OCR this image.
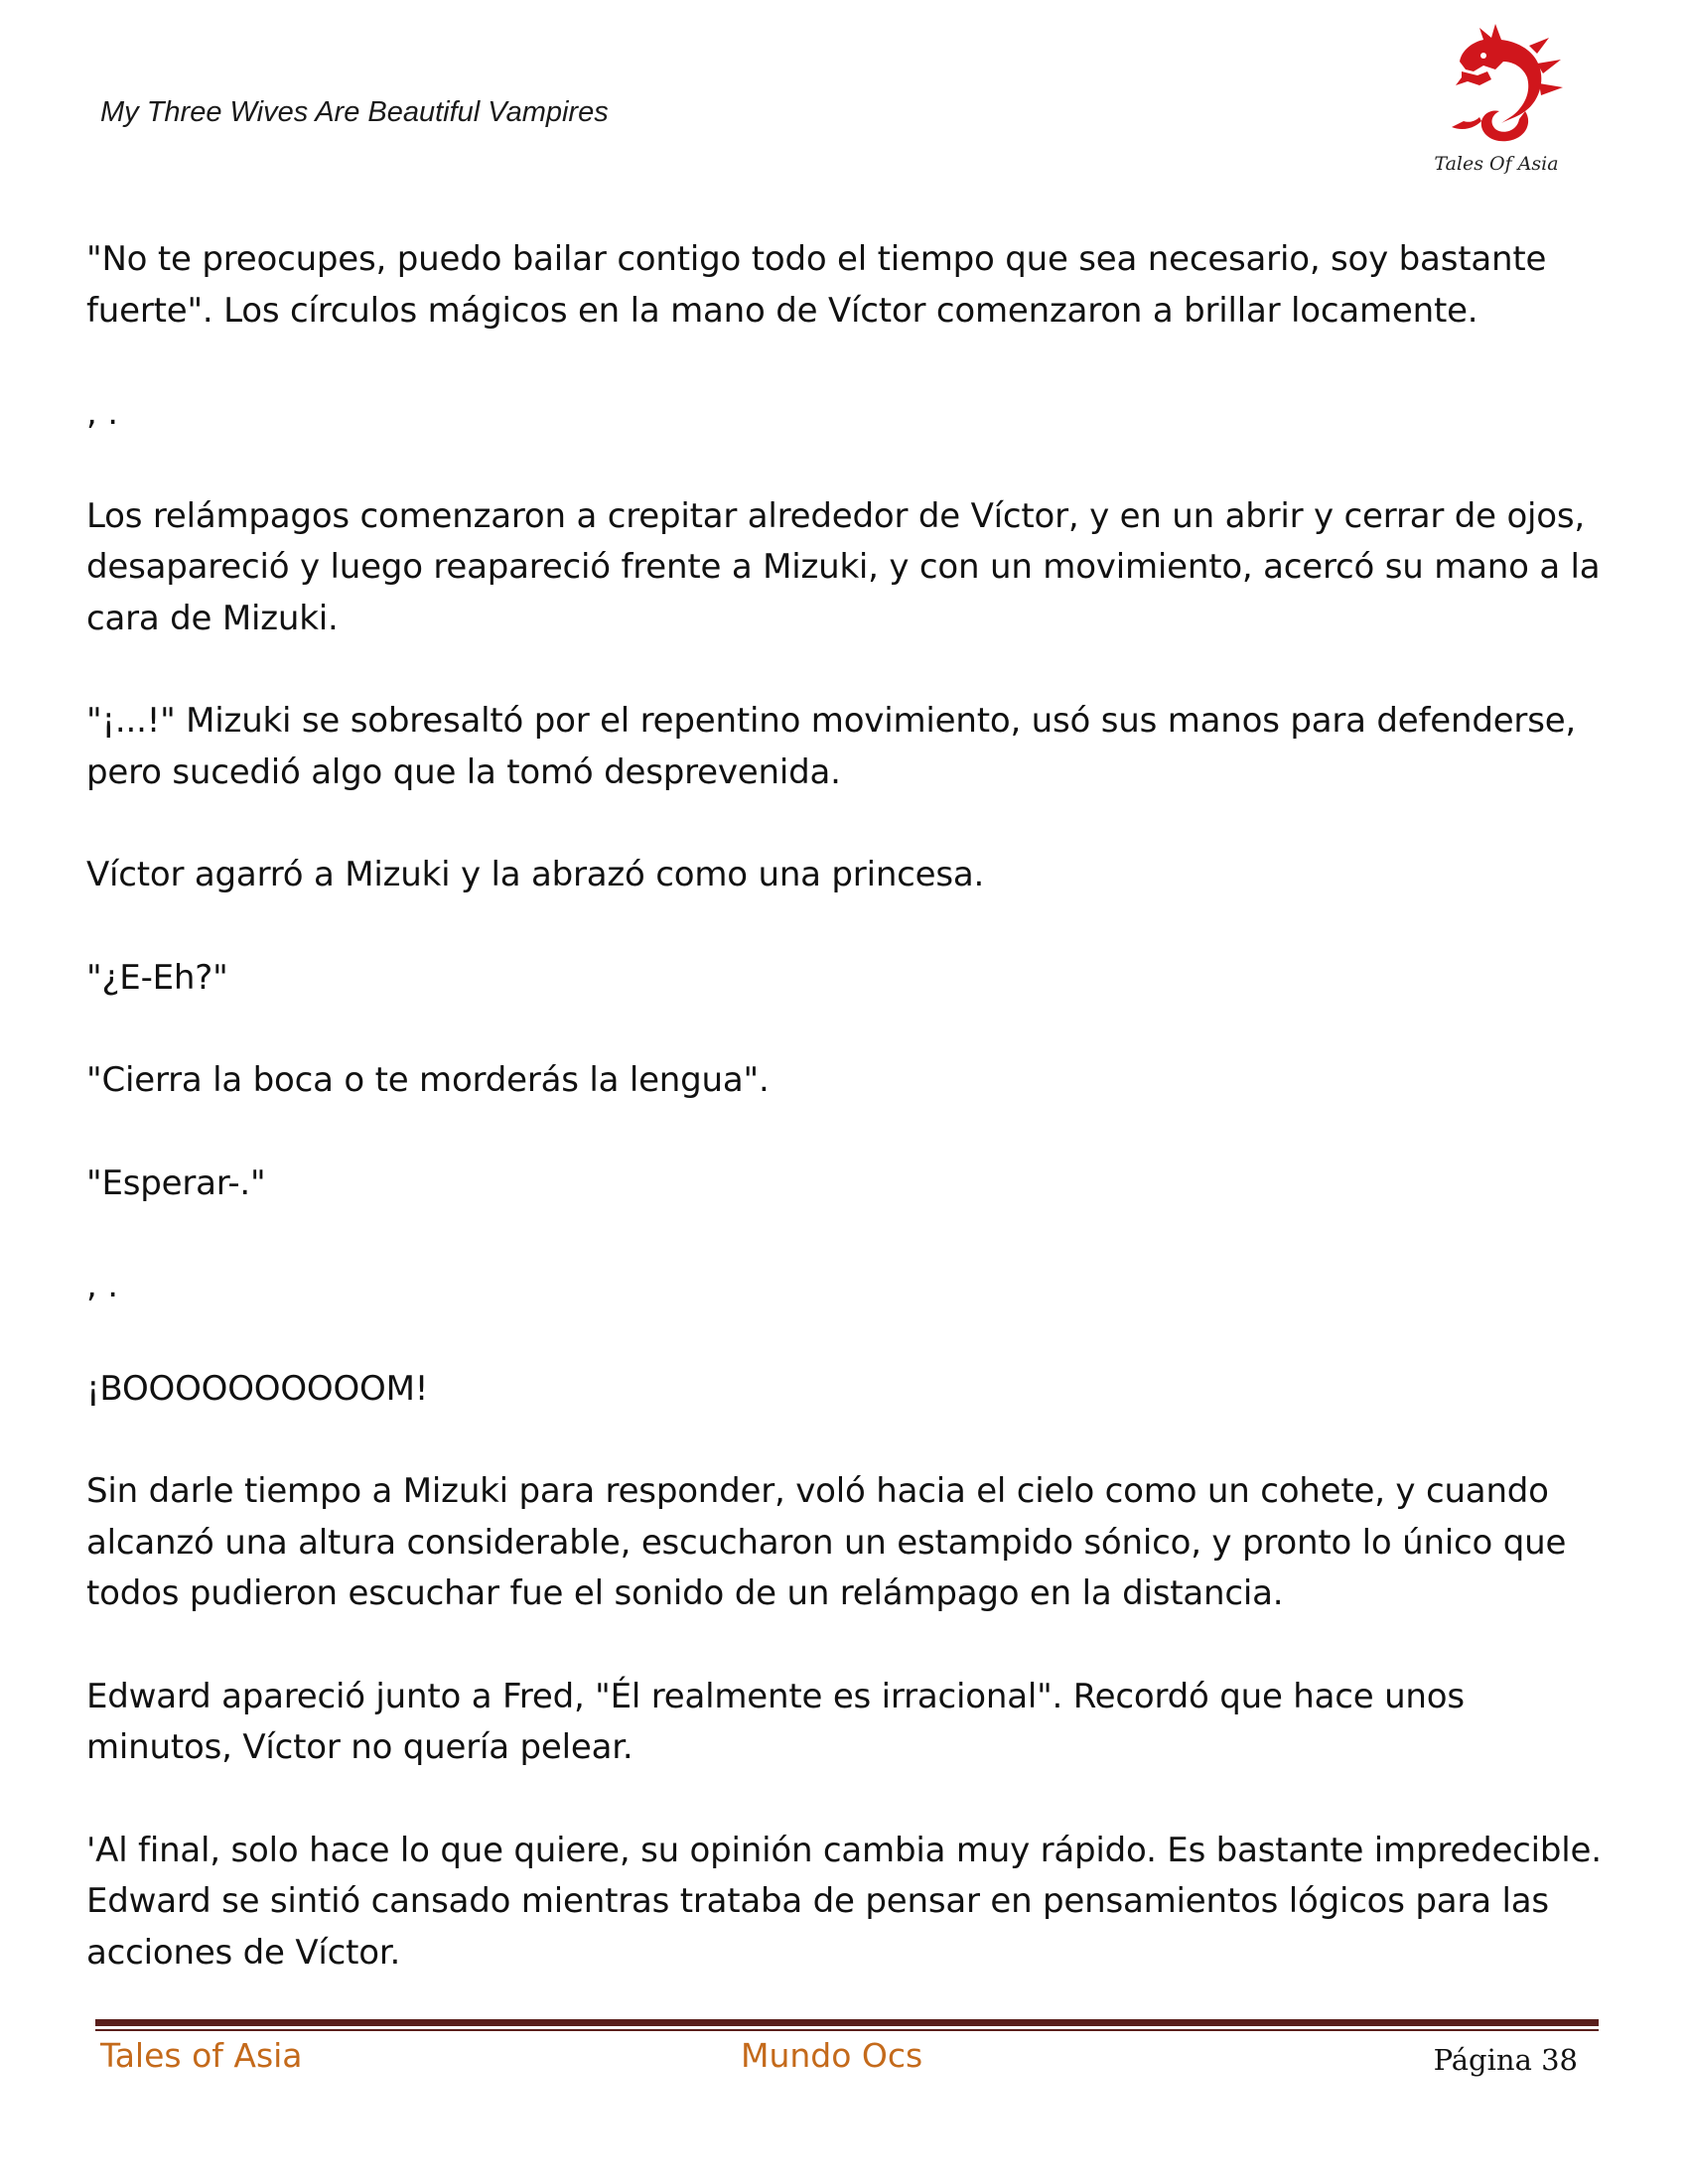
My Three Wives Are Beautiful Vampires
Tales Of Asia

"No te preocupes, puedo bailar contigo todo el tiempo que sea necesario, soy bastante fuerte". Los círculos mágicos en la mano de Víctor comenzaron a brillar locamente.

, .

Los relámpagos comenzaron a crepitar alrededor de Víctor, y en un abrir y cerrar de ojos, desapareció y luego reapareció frente a Mizuki, y con un movimiento, acercó su mano a la cara de Mizuki.

"¡...!" Mizuki se sobresaltó por el repentino movimiento, usó sus manos para defenderse, pero sucedió algo que la tomó desprevenida.

Víctor agarró a Mizuki y la abrazó como una princesa.

"¿E-Eh?"

"Cierra la boca o te morderás la lengua".

"Esperar-."

, .

¡BOOOOOOOOOOM!

Sin darle tiempo a Mizuki para responder, voló hacia el cielo como un cohete, y cuando alcanzó una altura considerable, escucharon un estampido sónico, y pronto lo único que todos pudieron escuchar fue el sonido de un relámpago en la distancia.

Edward apareció junto a Fred, "Él realmente es irracional". Recordó que hace unos minutos, Víctor no quería pelear.

'Al final, solo hace lo que quiere, su opinión cambia muy rápido. Es bastante impredecible. Edward se sintió cansado mientras trataba de pensar en pensamientos lógicos para las acciones de Víctor.

Tales of Asia	Mundo Ocs	Página 38
